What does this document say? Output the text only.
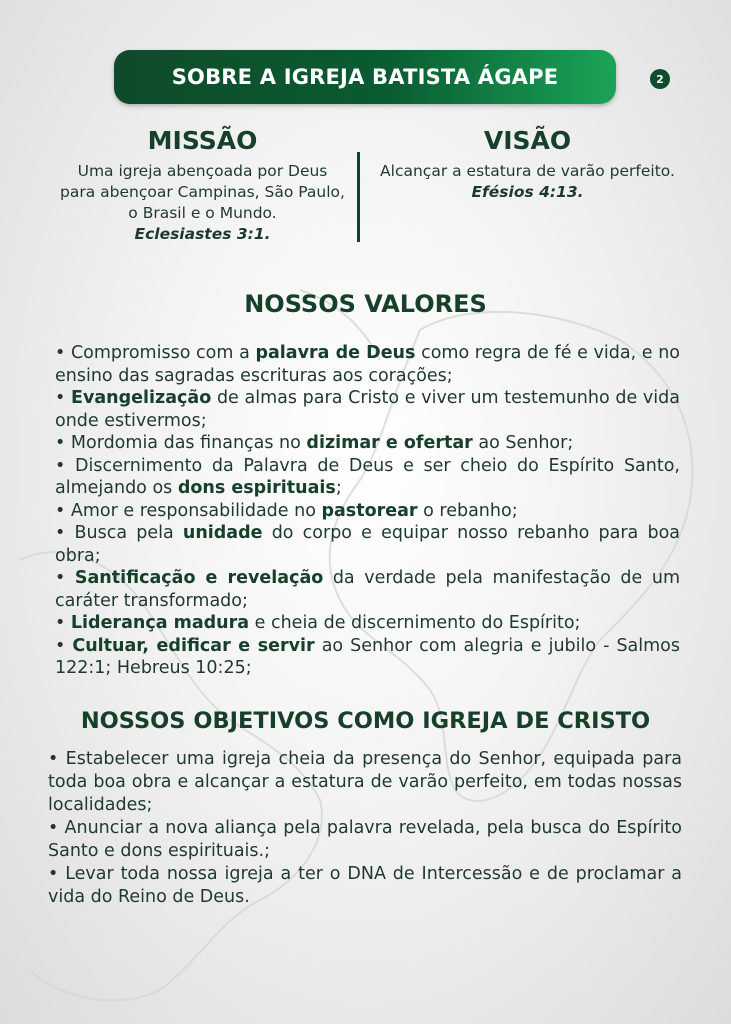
SOBRE A IGREJA BATISTA ÁGAPE	2
MISSÃO
Uma igreja abençoada por Deus
para abençoar Campinas, São Paulo,
o Brasil e o Mundo.
Eclesiastes 3:1.
VISÃO
Alcançar a estatura de varão perfeito.
Efésios 4:13.
NOSSOS VALORES

• Compromisso com a palavra de Deus como regra de fé e vida, e no ensino das sagradas escrituras aos corações;

• Evangelização de almas para Cristo e viver um testemunho de vida onde estivermos;

• Mordomia das finanças no dizimar e ofertar ao Senhor;

• Discernimento da Palavra de Deus e ser cheio do Espírito Santo, almejando os dons espirituais;

• Amor e responsabilidade no pastorear o rebanho;

• Busca pela unidade do corpo e equipar nosso rebanho para boa obra;

• Santificação e revelação da verdade pela manifestação de um caráter transformado;

• Liderança madura e cheia de discernimento do Espírito;

• Cultuar, edificar e servir ao Senhor com alegria e jubilo - Salmos 122:1; Hebreus 10:25;

NOSSOS OBJETIVOS COMO IGREJA DE CRISTO

• Estabelecer uma igreja cheia da presença do Senhor, equipada para toda boa obra e alcançar a estatura de varão perfeito, em todas nossas localidades;

• Anunciar a nova aliança pela palavra revelada, pela busca do Espírito Santo e dons espirituais.;

• Levar toda nossa igreja a ter o DNA de Intercessão e de proclamar a vida do Reino de Deus.
